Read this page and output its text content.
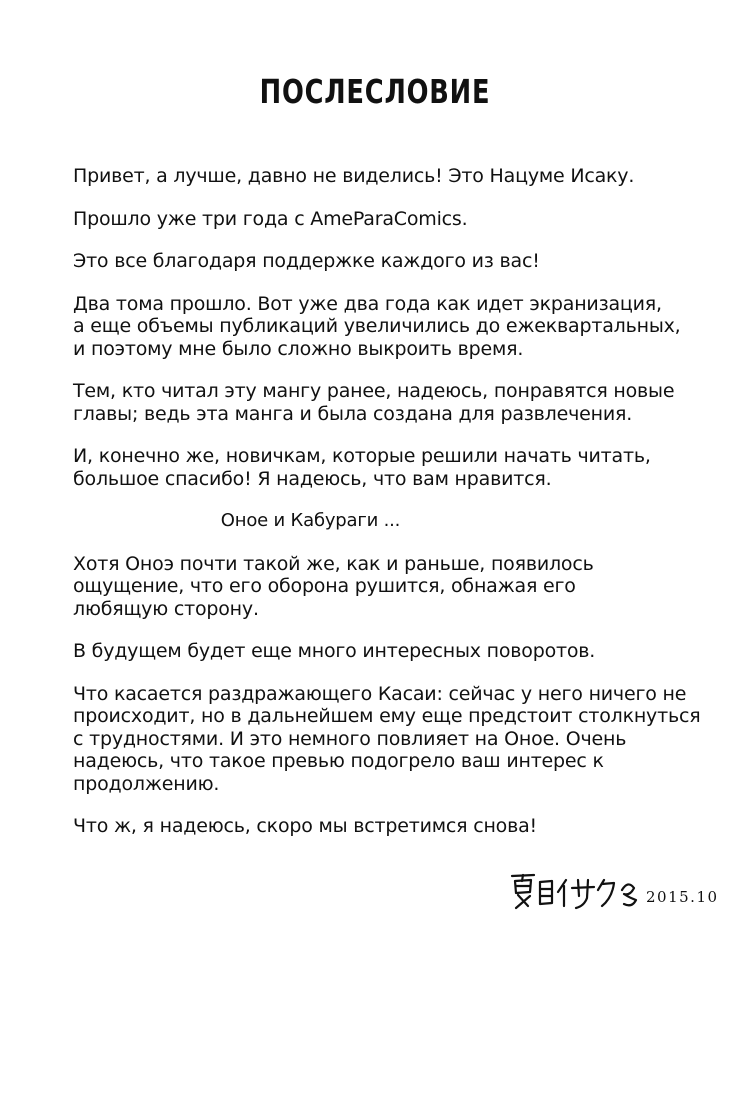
ПОСЛЕСЛОВИЕ

Привет, а лучше, давно не виделись! Это Нацуме Исаку.

Прошло уже три года с AmeParaComics.

Это все благодаря поддержке каждого из вас!

Два тома прошло. Вот уже два года как идет экранизация,
а еще объемы публикаций увеличились до ежеквартальных,
и поэтому мне было сложно выкроить время.

Тем, кто читал эту мангу ранее, надеюсь, понравятся новые
главы; ведь эта манга и была создана для развлечения.

И, конечно же, новичкам, которые решили начать читать,
большое спасибо! Я надеюсь, что вам нравится.

Оное и Кабураги ...

Хотя Оноэ почти такой же, как и раньше, появилось
ощущение, что его оборона рушится, обнажая его
любящую сторону.

В будущем будет еще много интересных поворотов.

Что касается раздражающего Касаи: сейчас у него ничего не
происходит, но в дальнейшем ему еще предстоит столкнуться
с трудностями. И это немного повлияет на Оное. Очень
надеюсь, что такое превью подогрело ваш интерес к
продолжению.

Что ж, я надеюсь, скоро мы встретимся снова!

2015.10
